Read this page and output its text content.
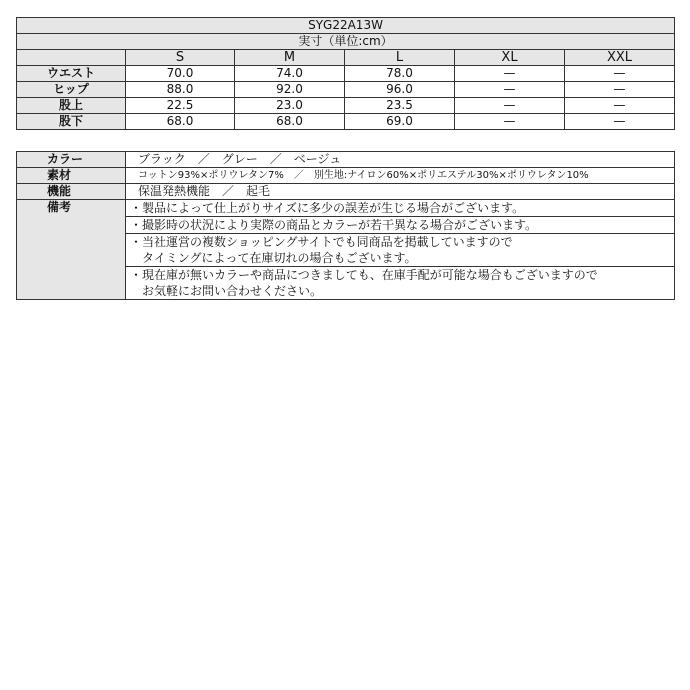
SYG22A13W					
実寸（単位:cm）					
	S	M	L	XL	XXL
ウエスト	70.0	74.0	78.0	—	—
ヒップ	88.0	92.0	96.0	—	—
股上	22.5	23.0	23.5	—	—
股下	68.0	68.0	69.0	—	—
カラー	ブラック　／　グレー　／　ベージュ
素材	コットン93%×ポリウレタン7%　／　別生地:ナイロン60%×ポリエステル30%×ポリウレタン10%
機能	保温発熱機能　／　起毛
備考	・製品によって仕上がりサイズに多少の誤差が生じる場合がございます。

	・撮影時の状況により実際の商品とカラーが若干異なる場合がございます。

	・当社運営の複数ショッピングサイトでも同商品を掲載していますので
　タイミングによって在庫切れの場合もございます。

	・現在庫が無いカラーや商品につきましても、在庫手配が可能な場合もございますので
　お気軽にお問い合わせください。
